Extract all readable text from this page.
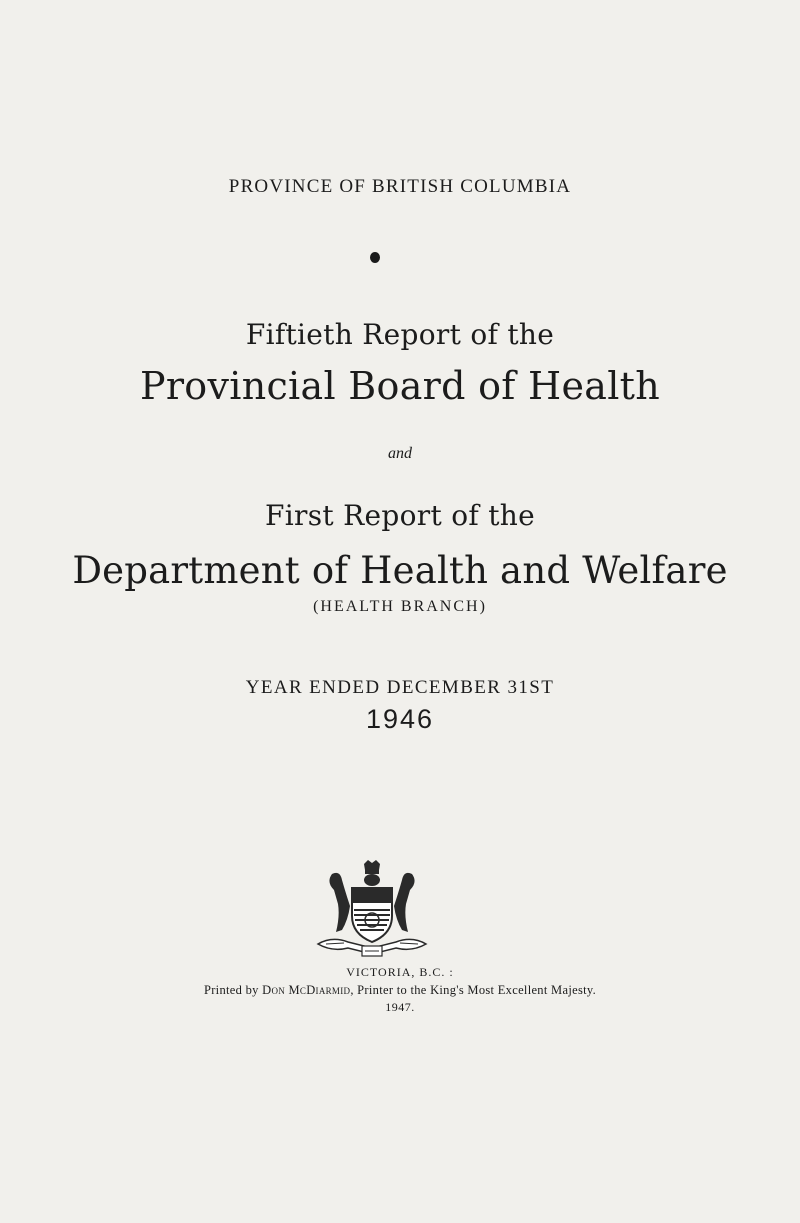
PROVINCE OF BRITISH COLUMBIA
Fiftieth Report of the
Provincial Board of Health
and
First Report of the
Department of Health and Welfare
(HEALTH BRANCH)
YEAR ENDED DECEMBER 31ST
1946
VICTORIA, B.C. :
Printed by Don McDiarmid, Printer to the King's Most Excellent Majesty.
1947.
